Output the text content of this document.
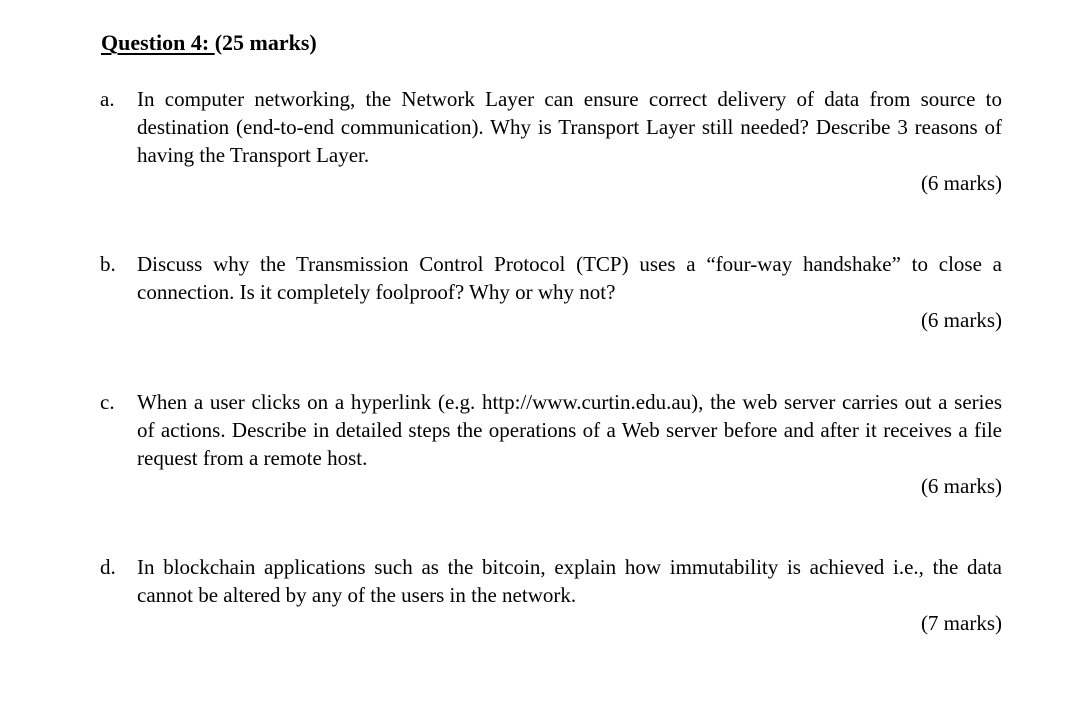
Question 4: (25 marks)
a.	In computer networking, the Network Layer can ensure correct delivery of data from source to destination (end-to-end communication). Why is Transport Layer still needed? Describe 3 reasons of having the Transport Layer.
(6 marks)
b.	Discuss why the Transmission Control Protocol (TCP) uses a “four-way handshake” to close a connection. Is it completely foolproof? Why or why not?
(6 marks)
c.	When a user clicks on a hyperlink (e.g. http://www.curtin.edu.au), the web server carries out a series of actions. Describe in detailed steps the operations of a Web server before and after it receives a file request from a remote host.
(6 marks)
d.	In blockchain applications such as the bitcoin, explain how immutability is achieved i.e., the data cannot be altered by any of the users in the network.
(7 marks)
